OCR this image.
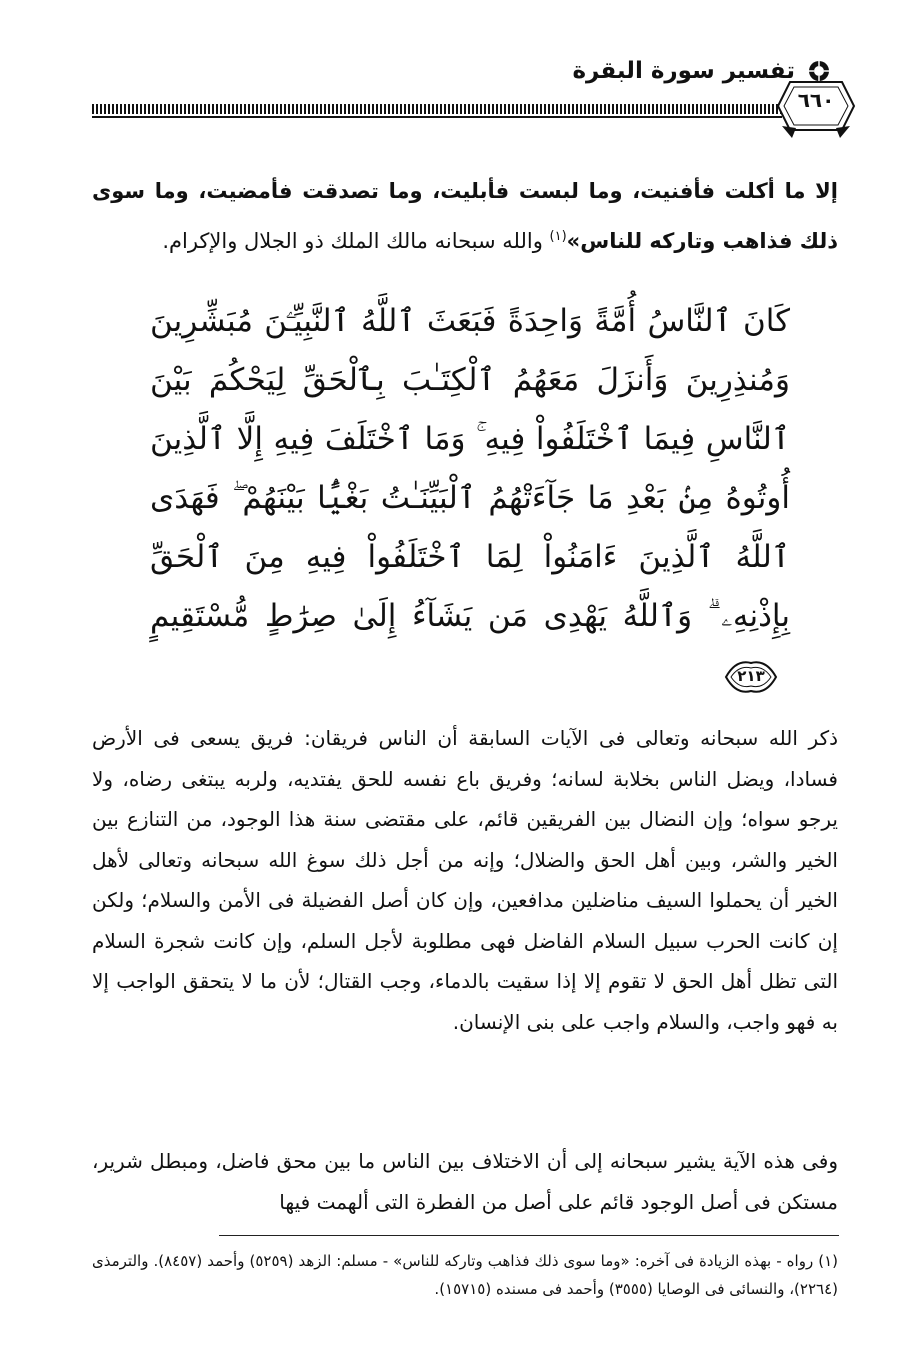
تفسير سورة البقرة
٦٦٠
إلا ما أكلت فأفنيت، وما لبست فأبليت، وما تصدقت فأمضيت، وما سوى ذلك فذاهب وتاركه للناس»$^{(١)}$ والله سبحانه مالك الملك ذو الجلال والإكرام.
كَانَ ٱلنَّاسُ أُمَّةً وَاحِدَةً فَبَعَثَ ٱللَّهُ ٱلنَّبِيِّـۧنَ مُبَشِّرِينَ وَمُنذِرِينَ وَأَنزَلَ مَعَهُمُ ٱلْكِتَـٰبَ بِٱلْحَقِّ لِيَحْكُمَ بَيْنَ ٱلنَّاسِ فِيمَا ٱخْتَلَفُواْ فِيهِ ۚ وَمَا ٱخْتَلَفَ فِيهِ إِلَّا ٱلَّذِينَ أُوتُوهُ مِنۢ بَعْدِ مَا جَآءَتْهُمُ ٱلْبَيِّنَـٰتُ بَغْيًۢا بَيْنَهُمْ ۖ فَهَدَى ٱللَّهُ ٱلَّذِينَ ءَامَنُواْ لِمَا ٱخْتَلَفُواْ فِيهِ مِنَ ٱلْحَقِّ بِإِذْنِهِۦ ۗ وَٱللَّهُ يَهْدِى مَن يَشَآءُ إِلَىٰ صِرَٰطٍ مُّسْتَقِيمٍ
٢١٣
ذكر الله سبحانه وتعالى فى الآيات السابقة أن الناس فريقان: فريق يسعى فى الأرض فسادا، ويضل الناس بخلابة لسانه؛ وفريق باع نفسه للحق يفتديه، ولربه يبتغى رضاه، ولا يرجو سواه؛ وإن النضال بين الفريقين قائم، على مقتضى سنة هذا الوجود، من التنازع بين الخير والشر، وبين أهل الحق والضلال؛ وإنه من أجل ذلك سوغ الله سبحانه وتعالى لأهل الخير أن يحملوا السيف مناضلين مدافعين، وإن كان أصل الفضيلة فى الأمن والسلام؛ ولكن إن كانت الحرب سبيل السلام الفاضل فهى مطلوبة لأجل السلم، وإن كانت شجرة السلام التى تظل أهل الحق لا تقوم إلا إذا سقيت بالدماء، وجب القتال؛ لأن ما لا يتحقق الواجب إلا به فهو واجب، والسلام واجب على بنى الإنسان.
وفى هذه الآية يشير سبحانه إلى أن الاختلاف بين الناس ما بين محق فاضل، ومبطل شرير، مستكن فى أصل الوجود قائم على أصل من الفطرة التى ألهمت فيها
(١) رواه - بهذه الزيادة فى آخره: «وما سوى ذلك فذاهب وتاركه للناس» - مسلم: الزهد (٥٢٥٩) وأحمد (٨٤٥٧). والترمذى (٢٢٦٤)، والنسائى فى الوصايا (٣٥٥٥) وأحمد فى مسنده (١٥٧١٥).
